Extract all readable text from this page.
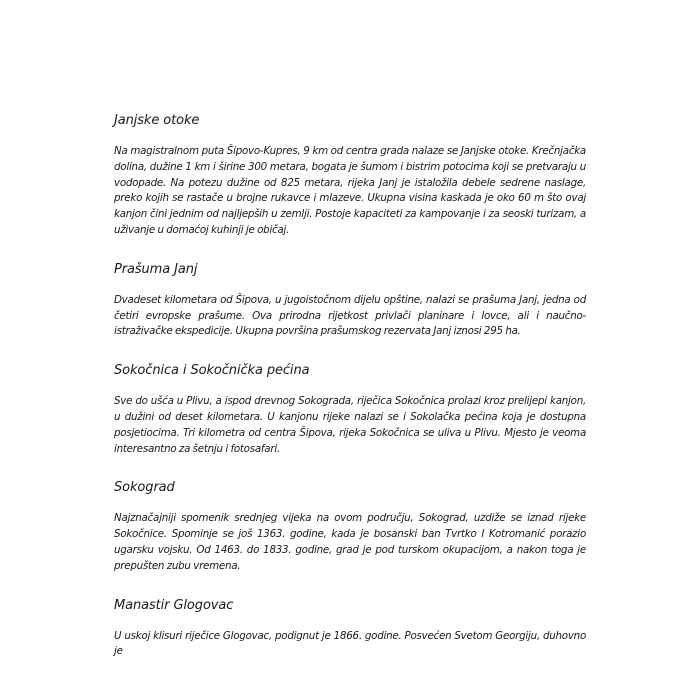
Janjske otoke

Na magistralnom puta Šipovo-Kupres, 9 km od centra grada nalaze se Janjske otoke. Krečnjačka dolina, dužine 1 km i širine 300 metara, bogata je šumom i bistrim potocima koji se pretvaraju u vodopade. Na potezu dužine od 825 metara, rijeka Janj je istaložila debele sedrene naslage, preko kojih se rastače u brojne rukavce i mlazeve. Ukupna visina kaskada je oko 60 m što ovaj kanjon čini jednim od najljepših u zemlji. Postoje kapaciteti za kampovanje i za seoski turizam, a uživanje u domaćoj kuhinji je običaj.

Prašuma Janj

Dvadeset kilometara od Šipova, u jugoistočnom dijelu opštine, nalazi se prašuma Janj, jedna od četiri evropske prašume. Ova prirodna rijetkost privlači planinare i lovce, ali i naučno-istraživačke ekspedicije. Ukupna površina prašumskog rezervata Janj iznosi 295 ha.

Sokočnica i Sokočnička pećina

Sve do ušća u Plivu, a ispod drevnog Sokograda, riječica Sokočnica prolazi kroz prelijepi kanjon, u dužini od deset kilometara. U kanjonu rijeke nalazi se i Sokolačka pećina koja je dostupna posjetiocima. Tri kilometra od centra Šipova, rijeka Sokočnica se uliva u Plivu. Mjesto je veoma interesantno za šetnju i fotosafari.

Sokograd

Najznačajniji spomenik srednjeg vijeka na ovom području, Sokograd, uzdiže se iznad rijeke Sokočnice. Spominje se još 1363. godine, kada je bosanski ban Tvrtko I Kotromanić porazio ugarsku vojsku. Od 1463. do 1833. godine, grad je pod turskom okupacijom, a nakon toga je prepušten zubu vremena.

Manastir Glogovac

U uskoj klisuri riječice Glogovac, podignut je 1866. godine. Posvećen Svetom Georgiju, duhovno je
